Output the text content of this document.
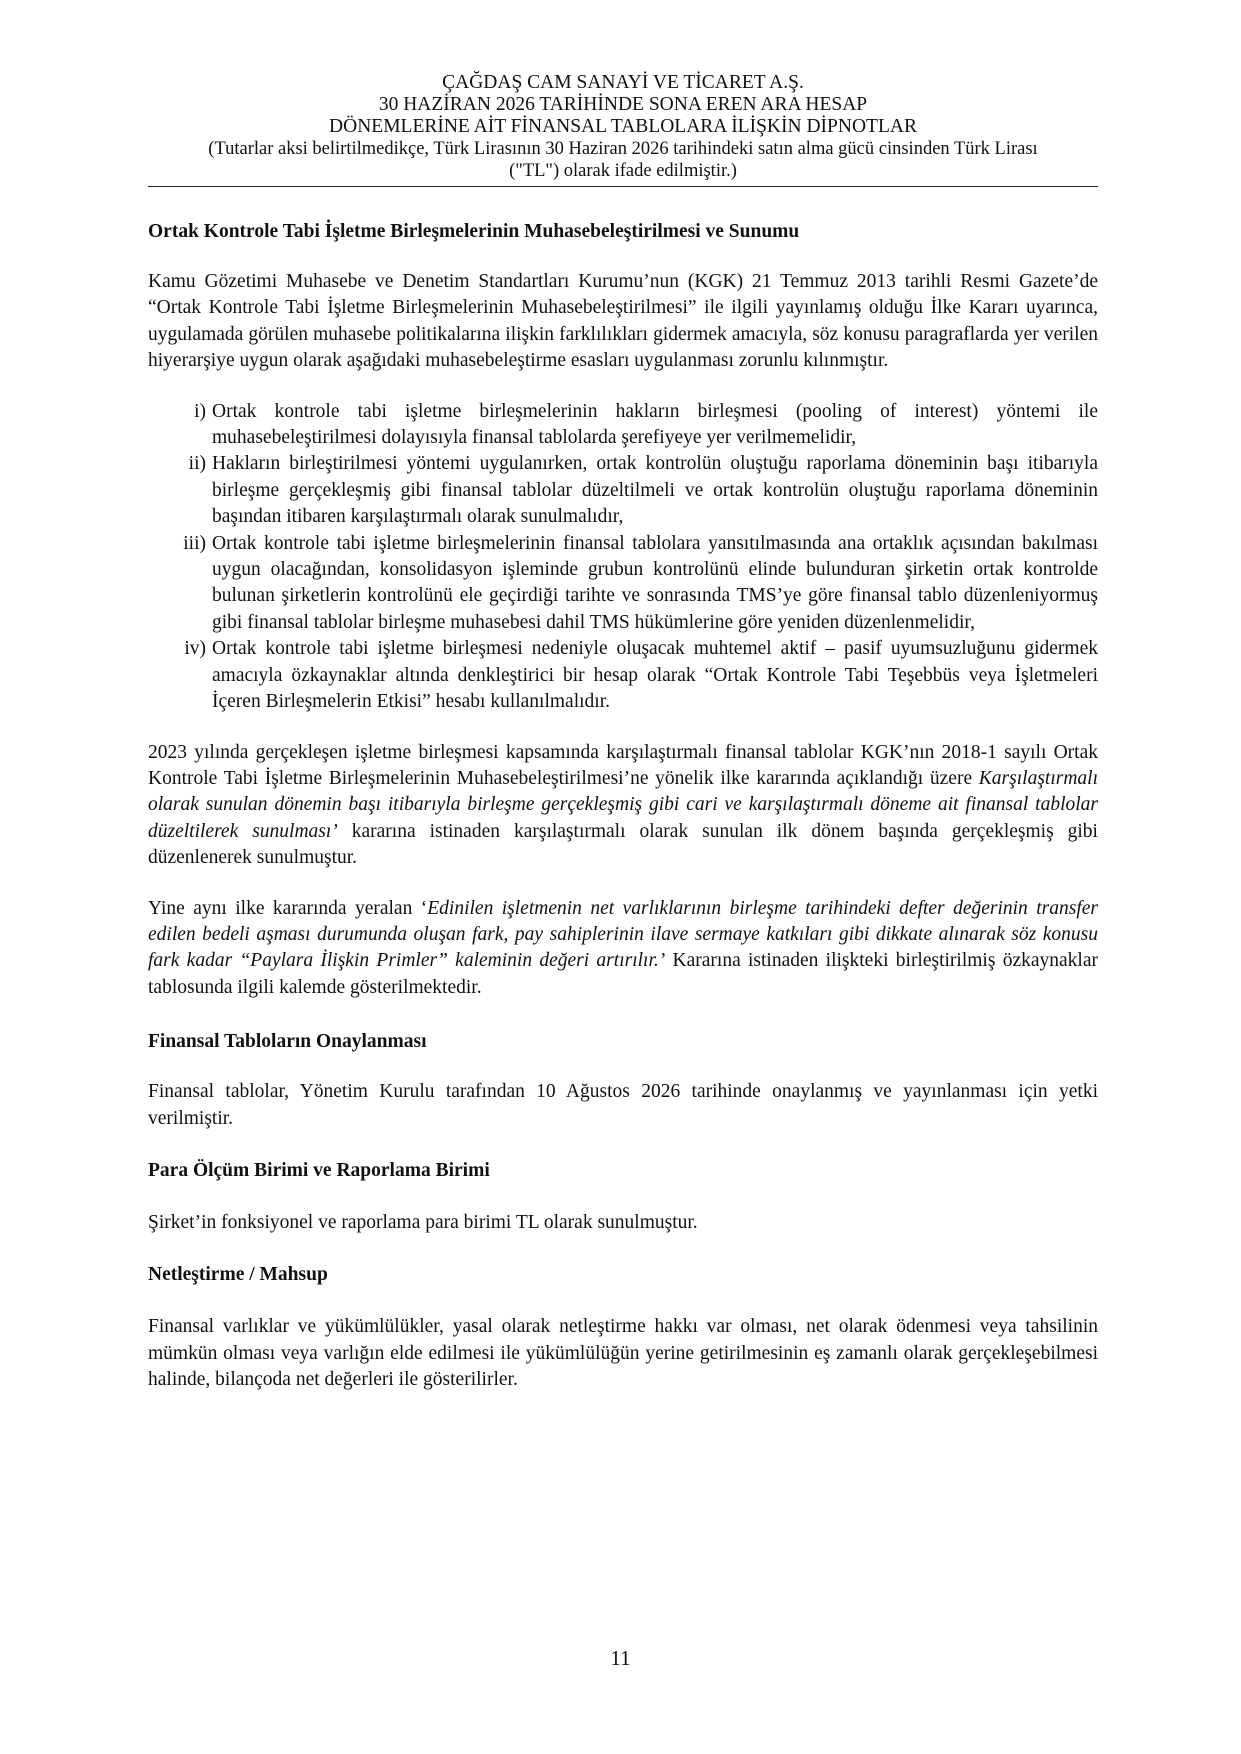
ÇAĞDAŞ CAM SANAYİ VE TİCARET A.Ş.
30 HAZİRAN 2026 TARİHİNDE SONA EREN ARA HESAP
DÖNEMLERİNE AİT FİNANSAL TABLOLARA İLİŞKİN DİPNOTLAR
(Tutarlar aksi belirtilmedikçe, Türk Lirasının 30 Haziran 2026 tarihindeki satın alma gücü cinsinden Türk Lirası
("TL") olarak ifade edilmiştir.)
Ortak Kontrole Tabi İşletme Birleşmelerinin Muhasebeleştirilmesi ve Sunumu

Kamu Gözetimi Muhasebe ve Denetim Standartları Kurumu’nun (KGK) 21 Temmuz 2013 tarihli Resmi Gazete’de “Ortak Kontrole Tabi İşletme Birleşmelerinin Muhasebeleştirilmesi” ile ilgili yayınlamış olduğu İlke Kararı uyarınca, uygulamada görülen muhasebe politikalarına ilişkin farklılıkları gidermek amacıyla, söz konusu paragraflarda yer verilen hiyerarşiye uygun olarak aşağıdaki muhasebeleştirme esasları uygulanması zorunlu kılınmıştır.

i) Ortak kontrole tabi işletme birleşmelerinin hakların birleşmesi (pooling of interest) yöntemi ile muhasebeleştirilmesi dolayısıyla finansal tablolarda şerefiyeye yer verilmemelidir,
ii) Hakların birleştirilmesi yöntemi uygulanırken, ortak kontrolün oluştuğu raporlama döneminin başı itibarıyla birleşme gerçekleşmiş gibi finansal tablolar düzeltilmeli ve ortak kontrolün oluştuğu raporlama döneminin başından itibaren karşılaştırmalı olarak sunulmalıdır,
iii) Ortak kontrole tabi işletme birleşmelerinin finansal tablolara yansıtılmasında ana ortaklık açısından bakılması uygun olacağından, konsolidasyon işleminde grubun kontrolünü elinde bulunduran şirketin ortak kontrolde bulunan şirketlerin kontrolünü ele geçirdiği tarihte ve sonrasında TMS’ye göre finansal tablo düzenleniyormuş gibi finansal tablolar birleşme muhasebesi dahil TMS hükümlerine göre yeniden düzenlenmelidir,
iv) Ortak kontrole tabi işletme birleşmesi nedeniyle oluşacak muhtemel aktif – pasif uyumsuzluğunu gidermek amacıyla özkaynaklar altında denkleştirici bir hesap olarak “Ortak Kontrole Tabi Teşebbüs veya İşletmeleri İçeren Birleşmelerin Etkisi” hesabı kullanılmalıdır.

2023 yılında gerçekleşen işletme birleşmesi kapsamında karşılaştırmalı finansal tablolar KGK’nın 2018-1 sayılı Ortak Kontrole Tabi İşletme Birleşmelerinin Muhasebeleştirilmesi’ne yönelik ilke kararında açıklandığı üzere Karşılaştırmalı olarak sunulan dönemin başı itibarıyla birleşme gerçekleşmiş gibi cari ve karşılaştırmalı döneme ait finansal tablolar düzeltilerek sunulması’ kararına istinaden karşılaştırmalı olarak sunulan ilk dönem başında gerçekleşmiş gibi düzenlenerek sunulmuştur.

Yine aynı ilke kararında yeralan ‘Edinilen işletmenin net varlıklarının birleşme tarihindeki defter değerinin transfer edilen bedeli aşması durumunda oluşan fark, pay sahiplerinin ilave sermaye katkıları gibi dikkate alınarak söz konusu fark kadar “Paylara İlişkin Primler” kaleminin değeri artırılır.’ Kararına istinaden ilişkteki birleştirilmiş özkaynaklar tablosunda ilgili kalemde gösterilmektedir.

Finansal Tabloların Onaylanması

Finansal tablolar, Yönetim Kurulu tarafından 10 Ağustos 2026 tarihinde onaylanmış ve yayınlanması için yetki verilmiştir.

Para Ölçüm Birimi ve Raporlama Birimi

Şirket’in fonksiyonel ve raporlama para birimi TL olarak sunulmuştur.

Netleştirme / Mahsup

Finansal varlıklar ve yükümlülükler, yasal olarak netleştirme hakkı var olması, net olarak ödenmesi veya tahsilinin mümkün olması veya varlığın elde edilmesi ile yükümlülüğün yerine getirilmesinin eş zamanlı olarak gerçekleşebilmesi halinde, bilançoda net değerleri ile gösterilirler.

11
